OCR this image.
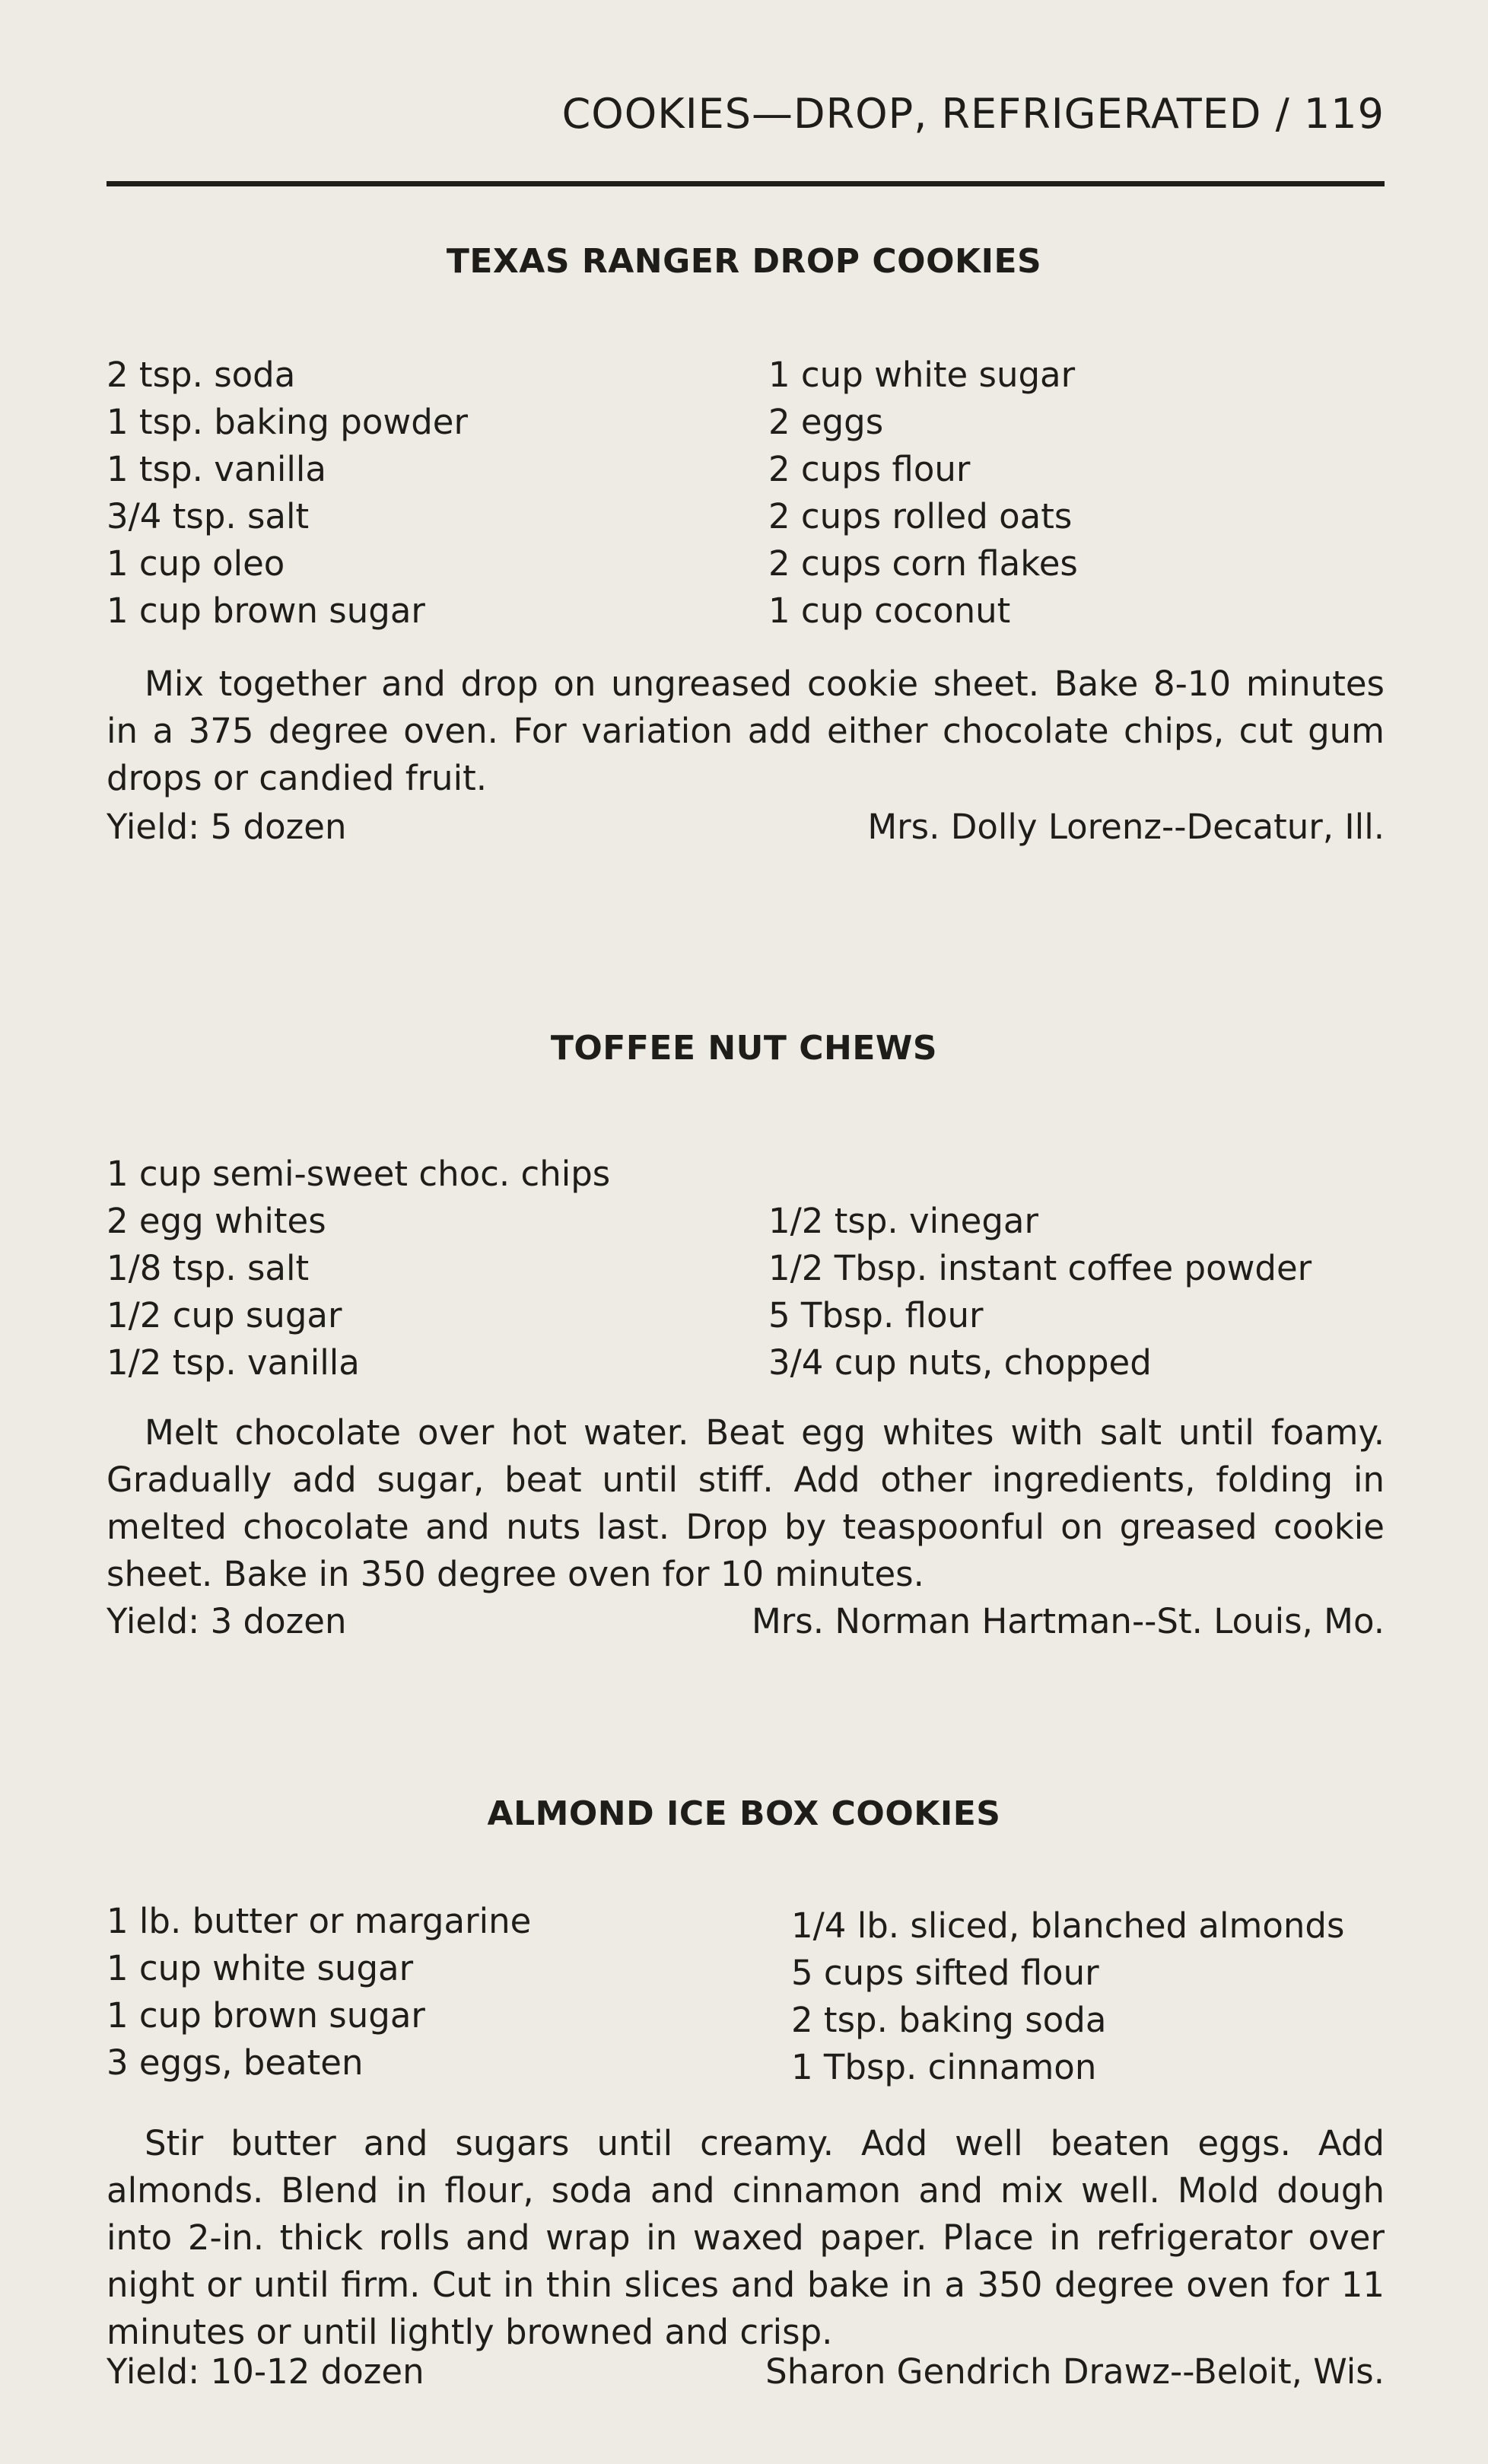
COOKIES—DROP, REFRIGERATED / 119
TEXAS RANGER DROP COOKIES
2 tsp. soda
1 tsp. baking powder
1 tsp. vanilla
3/4 tsp. salt
1 cup oleo
1 cup brown sugar
1 cup white sugar
2 eggs
2 cups flour
2 cups rolled oats
2 cups corn flakes
1 cup coconut
Mix together and drop on ungreased cookie sheet. Bake 8-10 minutes in a 375 degree oven. For variation add either chocolate chips, cut gum drops or candied fruit.
Yield: 5 dozen	Mrs. Dolly Lorenz--Decatur, Ill.
TOFFEE NUT CHEWS
1 cup semi-sweet choc. chips
2 egg whites
1/8 tsp. salt
1/2 cup sugar
1/2 tsp. vanilla
1/2 tsp. vinegar
1/2 Tbsp. instant coffee powder
5 Tbsp. flour
3/4 cup nuts, chopped
Melt chocolate over hot water. Beat egg whites with salt until foamy. Gradually add sugar, beat until stiff. Add other ingredients, folding in melted chocolate and nuts last. Drop by teaspoonful on greased cookie sheet. Bake in 350 degree oven for 10 minutes.
Yield: 3 dozen	Mrs. Norman Hartman--St. Louis, Mo.
ALMOND ICE BOX COOKIES
1 lb. butter or margarine
1 cup white sugar
1 cup brown sugar
3 eggs, beaten
1/4 lb. sliced, blanched almonds
5 cups sifted flour
2 tsp. baking soda
1 Tbsp. cinnamon
Stir butter and sugars until creamy. Add well beaten eggs. Add almonds. Blend in flour, soda and cinnamon and mix well. Mold dough into 2-in. thick rolls and wrap in waxed paper. Place in refrigerator over night or until firm. Cut in thin slices and bake in a 350 degree oven for 11 minutes or until lightly browned and crisp.
Yield: 10-12 dozen	Sharon Gendrich Drawz--Beloit, Wis.
